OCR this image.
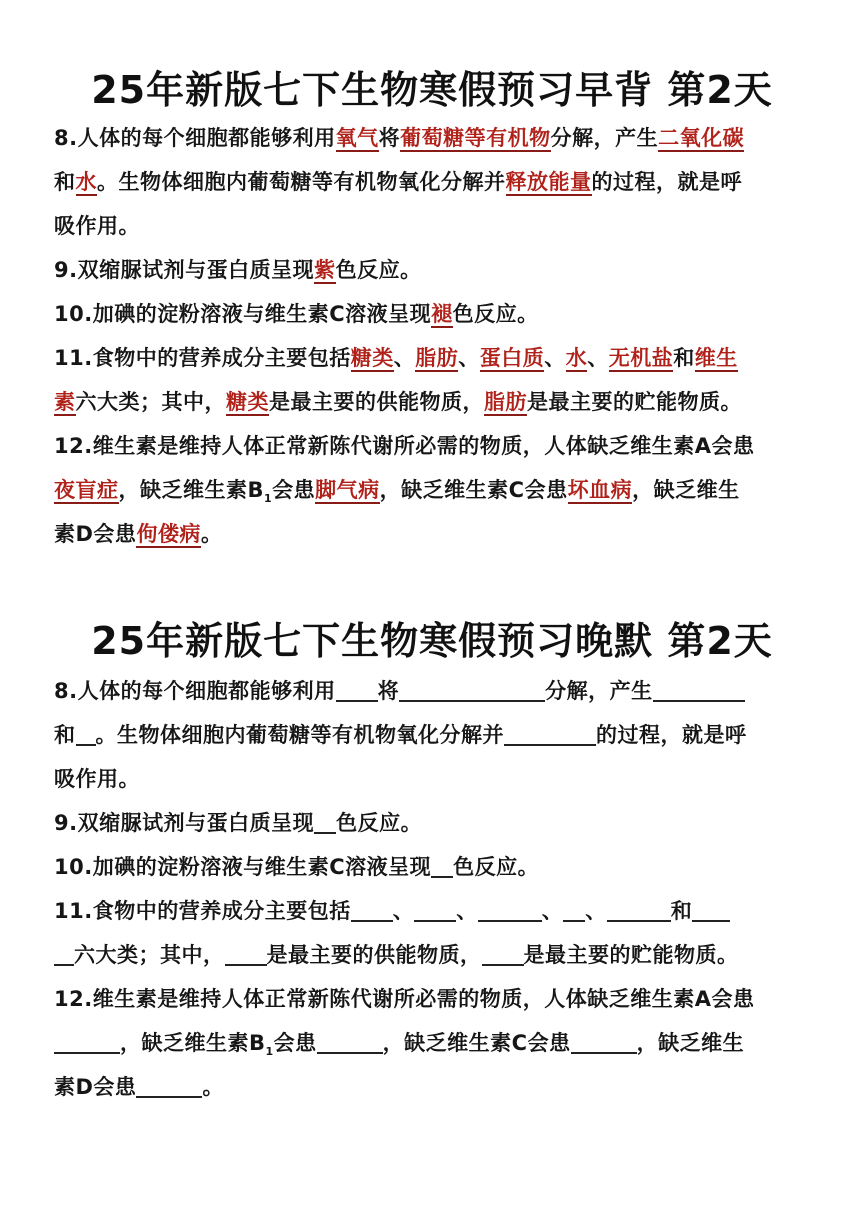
25年新版七下生物寒假预习早背 第2天
8.人体的每个细胞都能够利用氧气将葡萄糖等有机物分解，产生二氧化碳
和水。生物体细胞内葡萄糖等有机物氧化分解并释放能量的过程，就是呼
吸作用。
9.双缩脲试剂与蛋白质呈现紫色反应。
10.加碘的淀粉溶液与维生素C溶液呈现褪色反应。
11.食物中的营养成分主要包括糖类、脂肪、蛋白质、水、无机盐和维生
素六大类；其中，糖类是最主要的供能物质，脂肪是最主要的贮能物质。
12.维生素是维持人体正常新陈代谢所必需的物质，人体缺乏维生素A会患
夜盲症，缺乏维生素$B_1$会患脚气病，缺乏维生素C会患坏血病，缺乏维生
素D会患佝偻病。
25年新版七下生物寒假预习晚默 第2天
8.人体的每个细胞都能够利用 将	分解，产生
和 。生物体细胞内葡萄糖等有机物氧化分解并	的过程，就是呼
吸作用。
9.双缩脲试剂与蛋白质呈现 色反应。
10.加碘的淀粉溶液与维生素C溶液呈现 色反应。
11.食物中的营养成分主要包括 、 、	、 、	和
六大类；其中， 是最主要的供能物质， 是最主要的贮能物质。
12.维生素是维持人体正常新陈代谢所必需的物质，人体缺乏维生素A会患
，缺乏维生素$B_1$会患	，缺乏维生素C会患	，缺乏维生
素D会患	。
